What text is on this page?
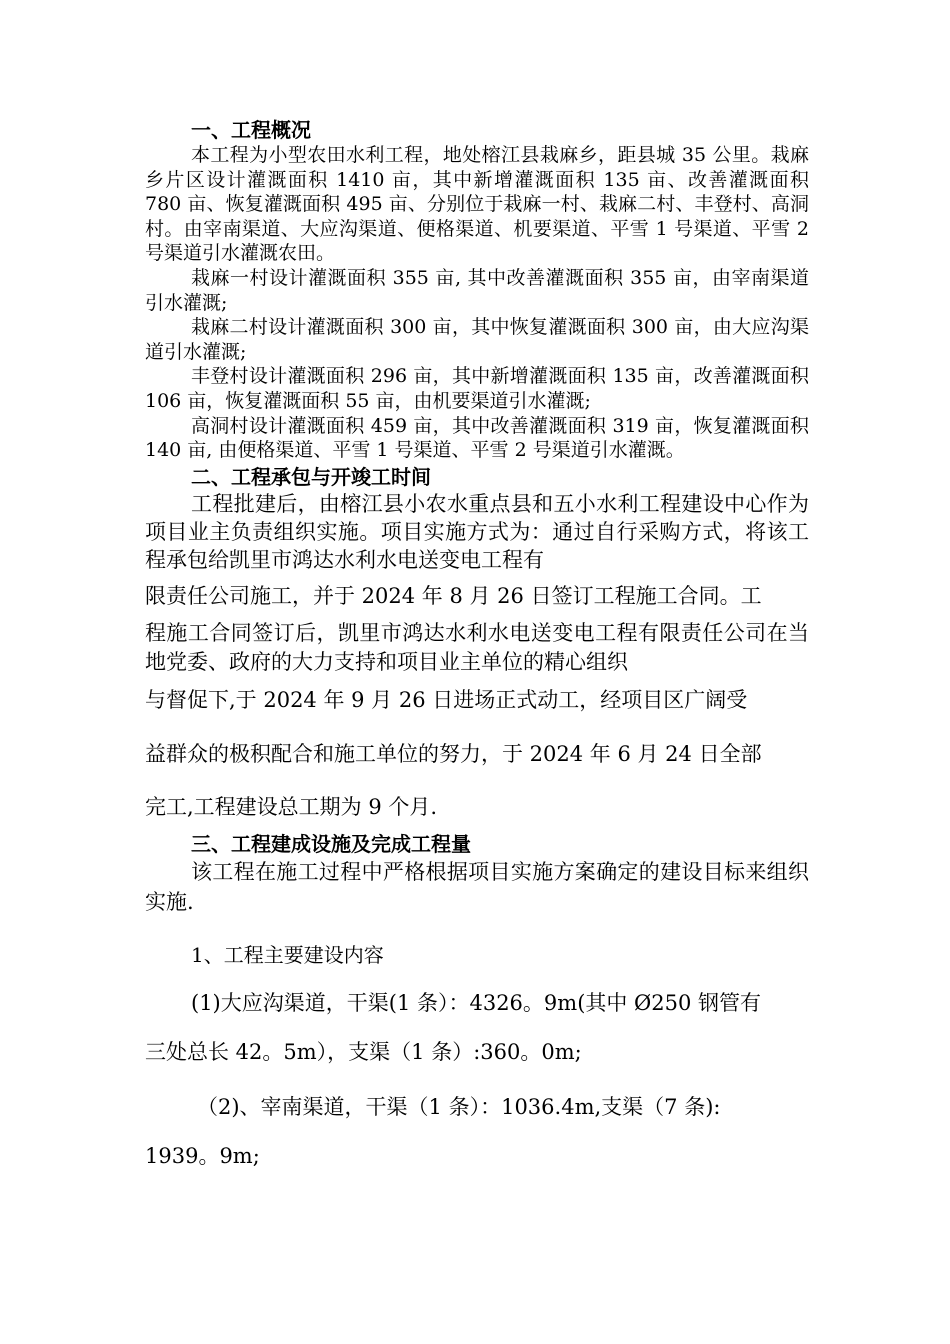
一、工程概况

本工程为小型农田水利工程，地处榕江县栽麻乡，距县城 35 公里。栽麻乡片区设计灌溉面积 1410 亩，其中新增灌溉面积 135 亩、改善灌溉面积 780 亩、恢复灌溉面积 495 亩、分别位于栽麻一村、栽麻二村、丰登村、高洞村。由宰南渠道、大应沟渠道、便格渠道、机要渠道、平雪 1 号渠道、平雪 2 号渠道引水灌溉农田。

栽麻一村设计灌溉面积 355 亩, 其中改善灌溉面积 355 亩，由宰南渠道引水灌溉;

栽麻二村设计灌溉面积 300 亩，其中恢复灌溉面积 300 亩，由大应沟渠道引水灌溉;

丰登村设计灌溉面积 296 亩，其中新增灌溉面积 135 亩，改善灌溉面积 106 亩，恢复灌溉面积 55 亩，由机要渠道引水灌溉;

高洞村设计灌溉面积 459 亩，其中改善灌溉面积 319 亩，恢复灌溉面积 140 亩, 由便格渠道、平雪 1 号渠道、平雪 2 号渠道引水灌溉。

二、工程承包与开竣工时间

工程批建后，由榕江县小农水重点县和五小水利工程建设中心作为项目业主负责组织实施。项目实施方式为：通过自行采购方式，将该工程承包给凯里市鸿达水利水电送变电工程有

限责任公司施工，并于 2024 年 8 月 26 日签订工程施工合同。工

程施工合同签订后，凯里市鸿达水利水电送变电工程有限责任公司在当地党委、政府的大力支持和项目业主单位的精心组织

与督促下,于 2024 年 9 月 26 日进场正式动工，经项目区广阔受

益群众的极积配合和施工单位的努力，于 2024 年 6 月 24 日全部

完工,工程建设总工期为 9 个月.

三、工程建成设施及完成工程量

该工程在施工过程中严格根据项目实施方案确定的建设目标来组织实施.

1、工程主要建设内容

(1)大应沟渠道，干渠(1 条）：4326。9m(其中 Ø250 钢管有

三处总长 42。5m），支渠（1 条）:360。0m;

（2)、宰南渠道，干渠（1 条）：1036.4m,支渠（7 条):

1939。9m;
